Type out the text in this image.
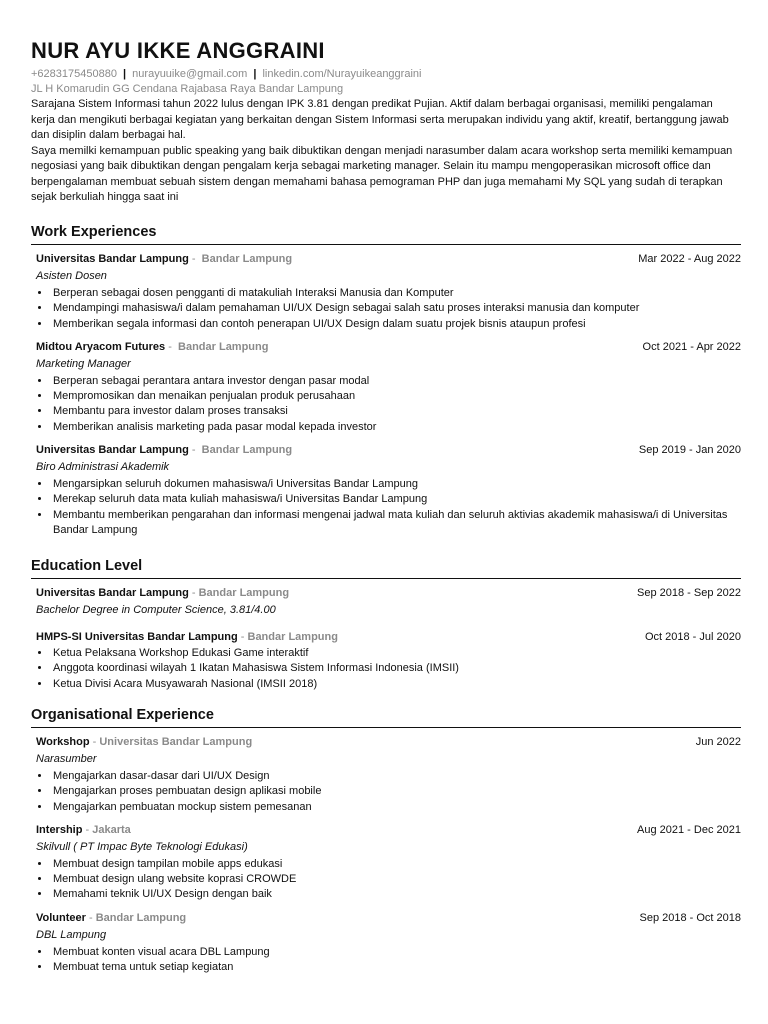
NUR AYU IKKE ANGGRAINI
+6283175450880 | nurayuuike@gmail.com | linkedin.com/Nurayuikeanggraini
JL H Komarudin GG Cendana Rajabasa Raya Bandar Lampung

Sarajana Sistem Informasi tahun 2022 lulus dengan IPK 3.81 dengan predikat Pujian. Aktif dalam berbagai organisasi, memiliki pengalaman kerja dan mengikuti berbagai kegiatan yang berkaitan dengan Sistem Informasi serta merupakan individu yang aktif, kreatif, bertanggung jawab dan disiplin dalam berbagai hal.

Saya memilki kemampuan public speaking yang baik dibuktikan dengan menjadi narasumber dalam acara workshop serta memiliki kemampuan negosiasi yang baik dibuktikan dengan pengalam kerja sebagai marketing manager. Selain itu mampu mengoperasikan microsoft office dan berpengalaman membuat sebuah sistem dengan memahami bahasa pemograman PHP dan juga memahami My SQL yang sudah di terapkan sejak berkuliah hingga saat ini

Work Experiences
Universitas Bandar Lampung -  Bandar Lampung	Mar 2022 - Aug 2022
Asisten Dosen
• Berperan sebagai dosen pengganti di matakuliah Interaksi Manusia dan Komputer
• Mendampingi mahasiswa/i dalam pemahaman UI/UX Design sebagai salah satu proses interaksi manusia dan komputer
• Memberikan segala informasi dan contoh penerapan UI/UX Design dalam suatu projek bisnis ataupun profesi
Midtou Aryacom Futures -  Bandar Lampung	Oct 2021 - Apr 2022
Marketing Manager
• Berperan sebagai perantara antara investor dengan pasar modal
• Mempromosikan dan menaikan penjualan produk perusahaan
• Membantu para investor dalam proses transaksi
• Memberikan analisis marketing pada pasar modal kepada investor
Universitas Bandar Lampung -  Bandar Lampung	Sep 2019 - Jan 2020
Biro Administrasi Akademik
• Mengarsipkan seluruh dokumen mahasiswa/i Universitas Bandar Lampung
• Merekap seluruh data mata kuliah mahasiswa/i Universitas Bandar Lampung
• Membantu memberikan pengarahan dan informasi mengenai jadwal mata kuliah dan seluruh aktivias akademik mahasiswa/i di Universitas Bandar Lampung
Education Level
Universitas Bandar Lampung - Bandar Lampung	Sep 2018 - Sep 2022
Bachelor Degree in Computer Science, 3.81/4.00
HMPS-SI Universitas Bandar Lampung - Bandar Lampung	Oct 2018 - Jul 2020
• Ketua Pelaksana Workshop Edukasi Game interaktif
• Anggota koordinasi wilayah 1 Ikatan Mahasiswa Sistem Informasi Indonesia (IMSII)
• Ketua Divisi Acara Musyawarah Nasional (IMSII 2018)
Organisational Experience
Workshop - Universitas Bandar Lampung	Jun 2022
Narasumber
• Mengajarkan dasar-dasar dari UI/UX Design
• Mengajarkan proses pembuatan design aplikasi mobile
• Mengajarkan pembuatan mockup sistem pemesanan
Intership - Jakarta	Aug 2021 - Dec 2021
Skilvull ( PT Impac Byte Teknologi Edukasi)
• Membuat design tampilan mobile apps edukasi
• Membuat design ulang website koprasi CROWDE
• Memahami teknik UI/UX Design dengan baik
Volunteer - Bandar Lampung	Sep 2018 - Oct 2018
DBL Lampung
• Membuat konten visual acara DBL Lampung
• Membuat tema untuk setiap kegiatan
